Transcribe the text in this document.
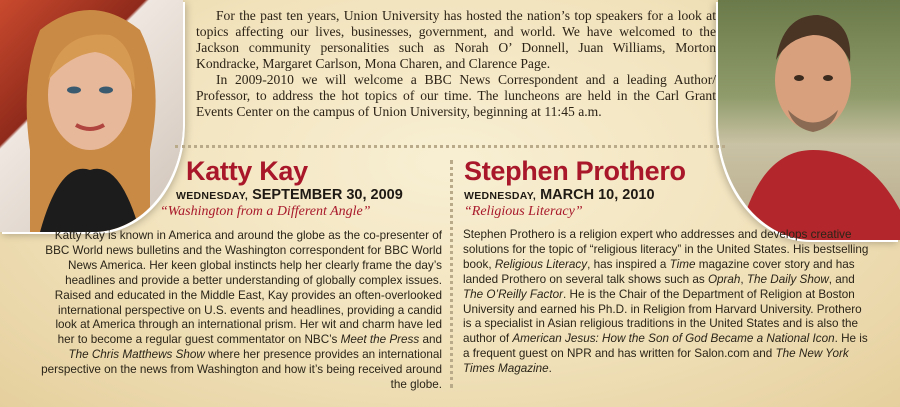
For the past ten years, Union University has hosted the nation’s top speakers for a look at topics affecting our lives, businesses, government, and world. We have welcomed to the Jackson community personalities such as Norah O’ Donnell, Juan Williams, Morton Kondracke, Margaret Carlson, Mona Charen, and Clarence Page.

In 2009-2010 we will welcome a BBC News Correspondent and a leading Author/ Professor, to address the hot topics of our time. The luncheons are held in the Carl Grant Events Center on the campus of Union University, beginning at 11:45 a.m.

Katty Kay
WEDNESDAY, SEPTEMBER 30, 2009
“Washington from a Different Angle”
Katty Kay is known in America and around the globe as the co-presenter of BBC World news bulletins and the Washington correspondent for BBC World News America. Her keen global instincts help her clearly frame the day’s headlines and provide a better understanding of globally complex issues. Raised and educated in the Middle East, Kay provides an often-overlooked international perspective on U.S. events and headlines, providing a candid look at America through an international prism. Her wit and charm have led her to become a regular guest commentator on NBC’s Meet the Press and The Chris Matthews Show where her presence provides an international perspective on the news from Washington and how it’s being received around the globe.
Stephen Prothero
WEDNESDAY, MARCH 10, 2010
“Religious Literacy”
Stephen Prothero is a religion expert who addresses and develops creative solutions for the topic of “religious literacy” in the United States. His bestselling book, Religious Literacy, has inspired a Time magazine cover story and has landed Prothero on several talk shows such as Oprah, The Daily Show, and The O’Reilly Factor. He is the Chair of the Department of Religion at Boston University and earned his Ph.D. in Religion from Harvard University. Prothero is a specialist in Asian religious traditions in the United States and is also the author of American Jesus: How the Son of God Became a National Icon. He is a frequent guest on NPR and has written for Salon.com and The New York Times Magazine.
